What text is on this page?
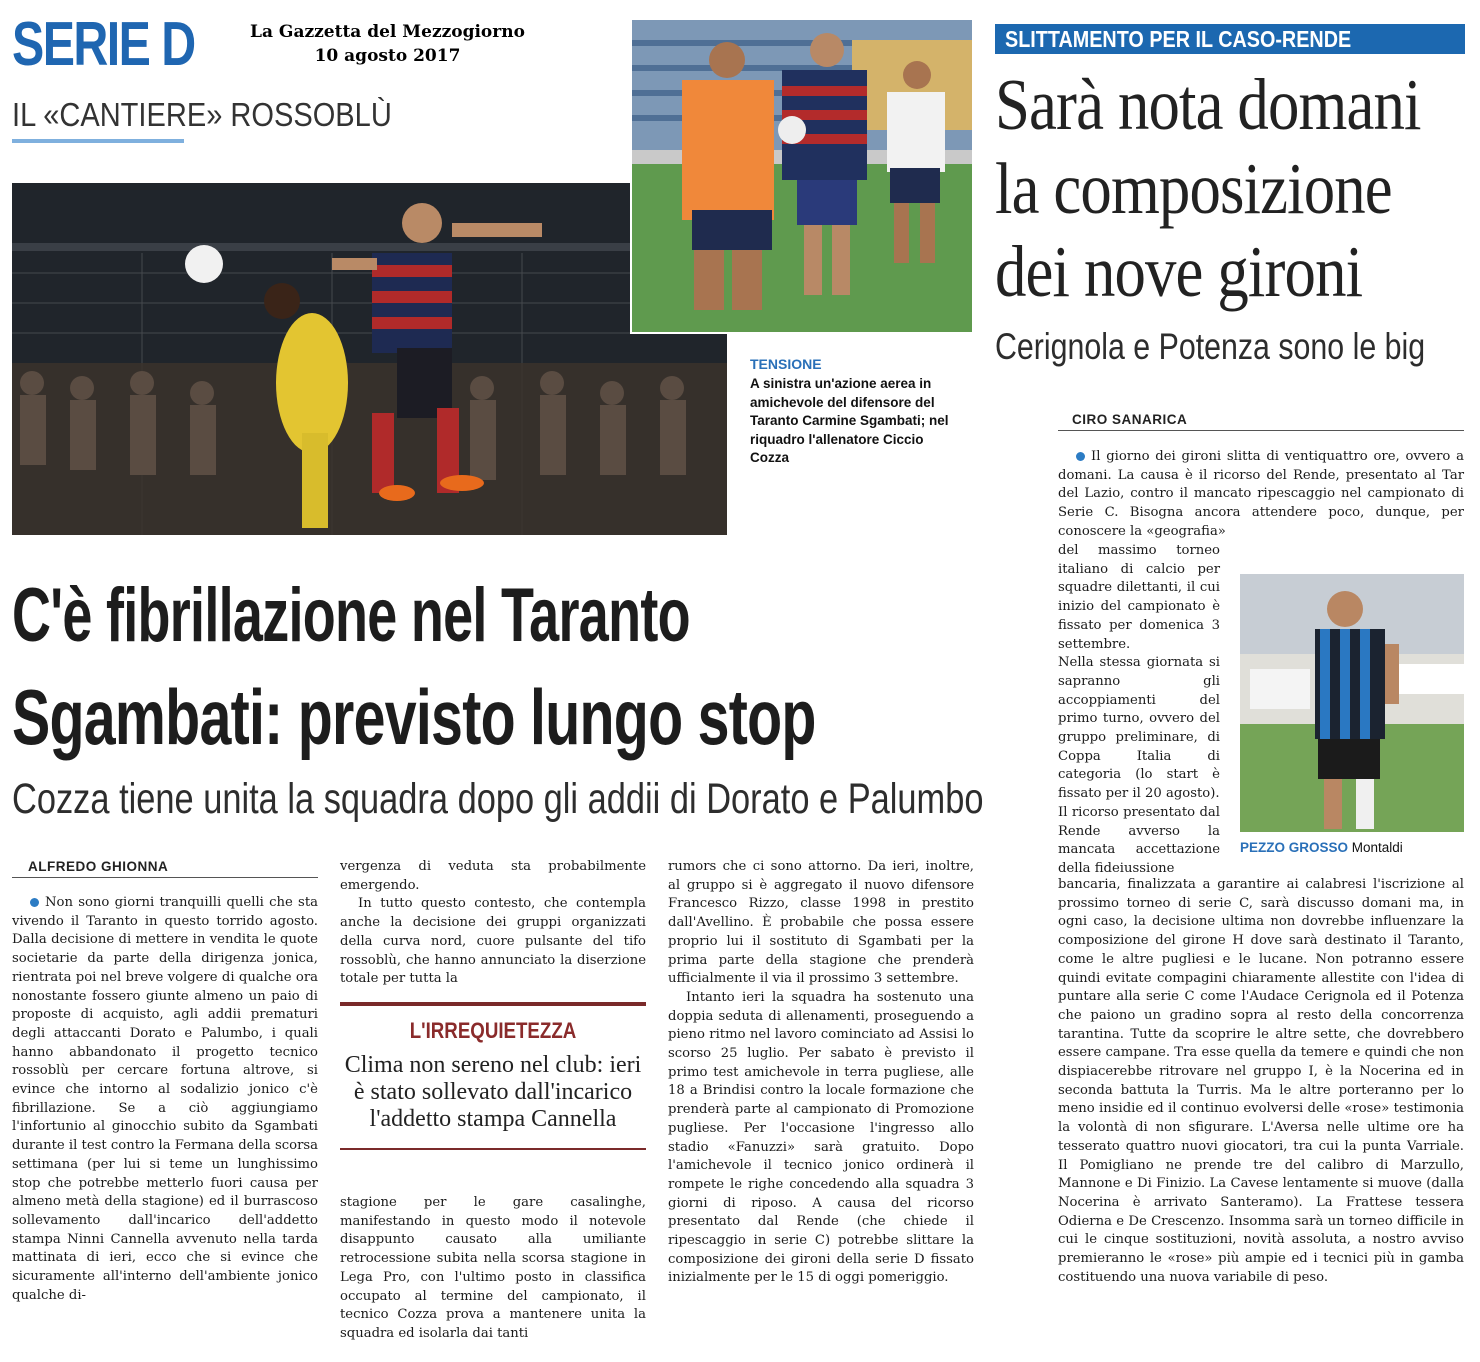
SERIE D	La Gazzetta del Mezzogiorno
10 agosto 2017
IL «CANTIERE» ROSSOBLÙ
TENSIONE
A sinistra un'azione aerea in amichevole del difensore del Taranto Carmine Sgambati; nel riquadro l'allenatore Ciccio Cozza
C'è fibrillazione nel Taranto
Sgambati: previsto lungo stop
Cozza tiene unita la squadra dopo gli addii di Dorato e Palumbo
ALFREDO GHIONNA

Non sono giorni tranquilli quelli che sta vivendo il Taranto in questo torrido agosto. Dalla decisione di mettere in vendita le quote societarie da parte della dirigenza jonica, rientrata poi nel breve volgere di qualche ora nonostante fossero giunte almeno un paio di proposte di acquisto, agli addii prematuri degli attaccanti Dorato e Palumbo, i quali hanno abbandonato il progetto tecnico rossoblù per cercare fortuna altrove, si evince che intorno al sodalizio jonico c'è fibrillazione. Se a ciò aggiungiamo l'infortunio al ginocchio subito da Sgambati durante il test contro la Fermana della scorsa settimana (per lui si teme un lunghissimo stop che potrebbe metterlo fuori causa per almeno metà della stagione) ed il burrascoso sollevamento dall'incarico dell'addetto stampa Ninni Cannella avvenuto nella tarda mattinata di ieri, ecco che si evince che sicuramente all'interno dell'ambiente jonico qualche di-

vergenza di veduta sta probabilmente emergendo.

In tutto questo contesto, che contempla anche la decisione dei gruppi organizzati della curva nord, cuore pulsante del tifo rossoblù, che hanno annunciato la diserzione totale per tutta la

L'IRREQUIETEZZA
Clima non sereno nel club: ieri è stato sollevato dall'incarico l'addetto stampa Cannella

stagione per le gare casalinghe, manifestando in questo modo il notevole disappunto causato alla umiliante retrocessione subita nella scorsa stagione in Lega Pro, con l'ultimo posto in classifica occupato al termine del campionato, il tecnico Cozza prova a mantenere unita la squadra ed isolarla dai tanti

rumors che ci sono attorno. Da ieri, inoltre, al gruppo si è aggregato il nuovo difensore Francesco Rizzo, classe 1998 in prestito dall'Avellino. È probabile che possa essere proprio lui il sostituto di Sgambati per la prima parte della stagione che prenderà ufficialmente il via il prossimo 3 settembre.

Intanto ieri la squadra ha sostenuto una doppia seduta di allenamenti, proseguendo a pieno ritmo nel lavoro cominciato ad Assisi lo scorso 25 luglio. Per sabato è previsto il primo test amichevole in terra pugliese, alle 18 a Brindisi contro la locale formazione che prenderà parte al campionato di Promozione pugliese. Per l'occasione l'ingresso allo stadio «Fanuzzi» sarà gratuito. Dopo l'amichevole il tecnico jonico ordinerà il rompete le righe concedendo alla squadra 3 giorni di riposo. A causa del ricorso presentato dal Rende (che chiede il ripescaggio in serie C) potrebbe slittare la composizione dei gironi della serie D fissato inizialmente per le 15 di oggi pomeriggio.

SLITTAMENTO PER IL CASO-RENDE
Sarà nota domani
la composizione
dei nove gironi
Cerignola e Potenza sono le big
CIRO SANARICA

Il giorno dei gironi slitta di ventiquattro ore, ovvero a domani. La causa è il ricorso del Rende, presentato al Tar del Lazio, contro il mancato ripescaggio nel campionato di Serie C. Bisogna ancora attendere poco, dunque, per conoscere la «geografia»

del massimo torneo italiano di calcio per squadre dilettanti, il cui inizio del campionato è fissato per domenica 3 settembre.

Nella stessa giornata si sapranno gli accoppiamenti del primo turno, ovvero del gruppo preliminare, di Coppa Italia di categoria (lo start è fissato per il 20 agosto).

Il ricorso presentato dal Rende avverso la mancata accettazione della fideiussione

PEZZO GROSSO Montaldi

bancaria, finalizzata a garantire ai calabresi l'iscrizione al prossimo torneo di serie C, sarà discusso domani ma, in ogni caso, la decisione ultima non dovrebbe influenzare la composizione del girone H dove sarà destinato il Taranto, come le altre pugliesi e le lucane. Non potranno essere quindi evitate compagini chiaramente allestite con l'idea di puntare alla serie C come l'Audace Cerignola ed il Potenza che paiono un gradino sopra al resto della concorrenza tarantina. Tutte da scoprire le altre sette, che dovrebbero essere campane. Tra esse quella da temere e quindi che non dispiacerebbe ritrovare nel gruppo I, è la Nocerina ed in seconda battuta la Turris. Ma le altre porteranno per lo meno insidie ed il continuo evolversi delle «rose» testimonia la volontà di non sfigurare. L'Aversa nelle ultime ore ha tesserato quattro nuovi giocatori, tra cui la punta Varriale. Il Pomigliano ne prende tre del calibro di Marzullo, Mannone e Di Finizio. La Cavese lentamente si muove (dalla Nocerina è arrivato Santeramo). La Frattese tessera Odierna e De Crescenzo. Insomma sarà un torneo difficile in cui le cinque sostituzioni, novità assoluta, a nostro avviso premieranno le «rose» più ampie ed i tecnici più in gamba costituendo una nuova variabile di peso.
